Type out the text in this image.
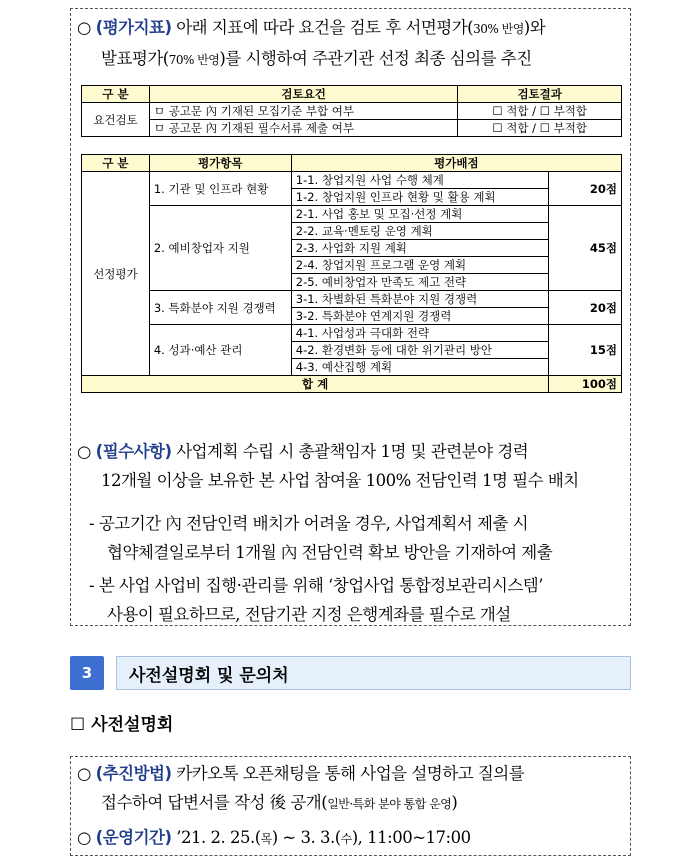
○ (평가지표) 아래 지표에 따라 요건을 검토 후 서면평가(30% 반영)와
발표평가(70% 반영)를 시행하여 주관기관 선정 최종 심의를 추진
구 분	검토요건	검토결과
요건검토	ㅁ 공고문 內 기재된 모집기준 부합 여부	☐ 적합 / ☐ 부적합
	ㅁ 공고문 內 기재된 필수서류 제출 여부	☐ 적합 / ☐ 부적합
구 분	평가항목	평가배점	
선정평가	1. 기관 및 인프라 현황	1-1. 창업지원 사업 수행 체계	20점
		1-2. 창업지원 인프라 현황 및 활용 계획	
	2. 예비창업자 지원	2-1. 사업 홍보 및 모집·선정 계획	45점
		2-2. 교육·멘토링 운영 계획	
		2-3. 사업화 지원 계획	
		2-4. 창업지원 프로그램 운영 계획	
		2-5. 예비창업자 만족도 제고 전략	
	3. 특화분야 지원 경쟁력	3-1. 차별화된 특화분야 지원 경쟁력	20점
		3-2. 특화분야 연계지원 경쟁력	
	4. 성과·예산 관리	4-1. 사업성과 극대화 전략	15점
		4-2. 환경변화 등에 대한 위기관리 방안	
		4-3. 예산집행 계획	
합 계			100점
○ (필수사항) 사업계획 수립 시 총괄책임자 1명 및 관련분야 경력
12개월 이상을 보유한 본 사업 참여율 100% 전담인력 1명 필수 배치
- 공고기간 內 전담인력 배치가 어려울 경우, 사업계획서 제출 시
협약체결일로부터 1개월 內 전담인력 확보 방안을 기재하여 제출
- 본 사업 사업비 집행·관리를 위해 ‘창업사업 통합정보관리시스템’
사용이 필요하므로, 전담기관 지정 은행계좌를 필수로 개설
3	사전설명회 및 문의처
☐ 사전설명회
○ (추진방법) 카카오톡 오픈채팅을 통해 사업을 설명하고 질의를
접수하여 답변서를 작성 後 공개(일반·특화 분야 통합 운영)
○ (운영기간) ’21. 2. 25.(목) ~ 3. 3.(수), 11:00~17:00
